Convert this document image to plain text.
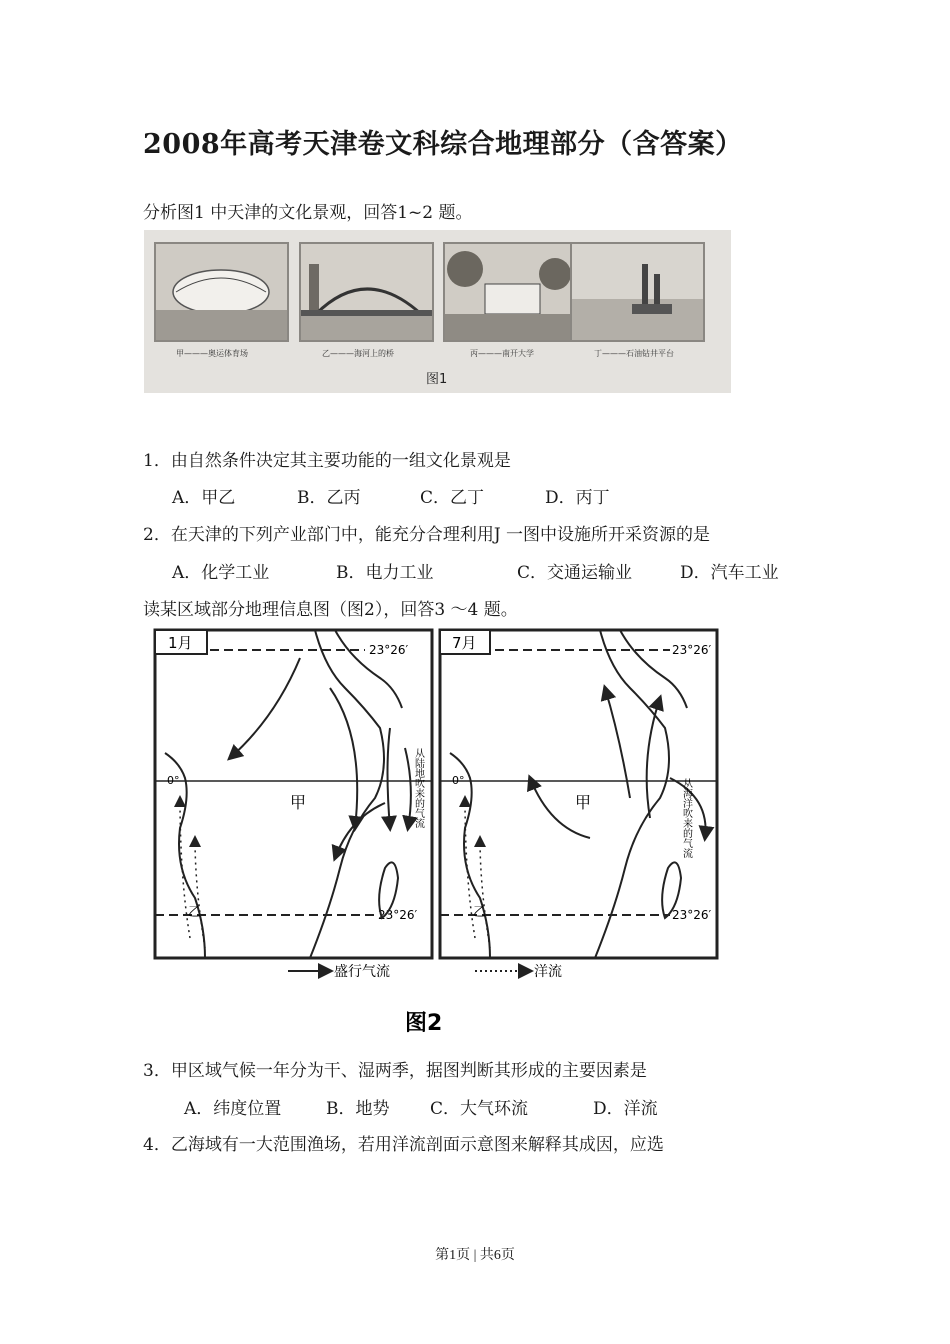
2008年高考天津卷文科综合地理部分（含答案）
分析图1 中天津的文化景观，回答1~2 题。
甲———奥运体育场	乙———海河上的桥	丙———南开大学	丁———石油钻井平台
图1
1．由自然条件决定其主要功能的一组文化景观是
A．甲乙	B．乙丙	C．乙丁	D．丙丁
2．在天津的下列产业部门中，能充分合理利用J 一图中设施所开采资源的是
A．化学工业	B．电力工业	C．交通运输业	D．汽车工业
读某区域部分地理信息图（图2），回答3 ～4 题。
1月	23°26′
0°
23°26′
甲
乙
从陆地吹来的气流
7月	23°26′
0°
23°26′
甲
乙
从海洋吹来的气流
盛行气流	洋流
图2
3．甲区域气候一年分为干、湿两季，据图判断其形成的主要因素是
A．纬度位置	B．地势 C．大气环流	D．洋流
4．乙海域有一大范围渔场，若用洋流剖面示意图来解释其成因，应选
第1页 | 共6页
